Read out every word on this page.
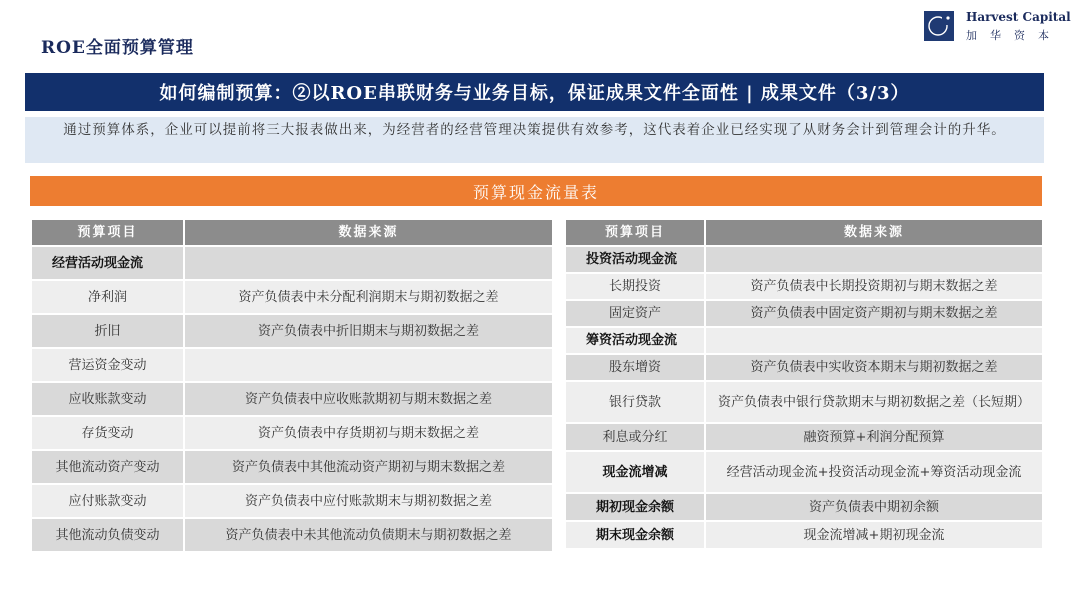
ROE全面预算管理
Harvest Capital
加华资本
如何编制预算：②以ROE串联财务与业务目标，保证成果文件全面性 | 成果文件（3/3）
通过预算体系，企业可以提前将三大报表做出来，为经营者的经营管理决策提供有效参考，这代表着企业已经实现了从财务会计到管理会计的升华。
预算现金流量表
预算项目	数据来源
经营活动现金流	
净利润	资产负债表中未分配利润期末与期初数据之差
折旧	资产负债表中折旧期末与期初数据之差
营运资金变动	
应收账款变动	资产负债表中应收账款期初与期末数据之差
存货变动	资产负债表中存货期初与期末数据之差
其他流动资产变动	资产负债表中其他流动资产期初与期末数据之差
应付账款变动	资产负债表中应付账款期末与期初数据之差
其他流动负债变动	资产负债表中未其他流动负债期末与期初数据之差
预算项目	数据来源
投资活动现金流	
长期投资	资产负债表中长期投资期初与期末数据之差
固定资产	资产负债表中固定资产期初与期末数据之差
筹资活动现金流	
股东增资	资产负债表中实收资本期末与期初数据之差
银行贷款	资产负债表中银行贷款期末与期初数据之差（长短期）
利息或分红	融资预算+利润分配预算
现金流增减	经营活动现金流+投资活动现金流+筹资活动现金流
期初现金余额	资产负债表中期初余额
期末现金余额	现金流增减+期初现金流
